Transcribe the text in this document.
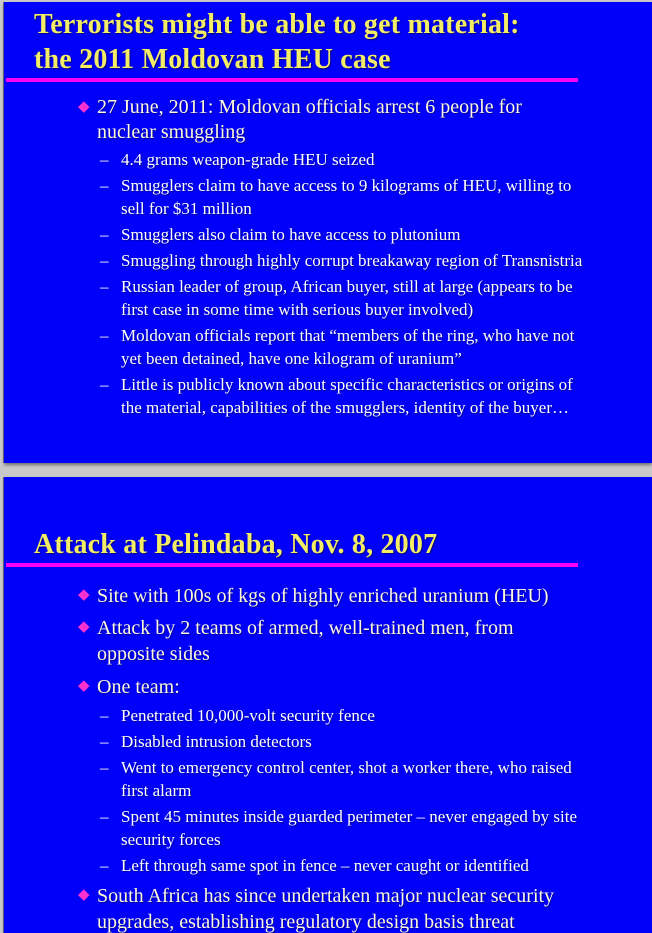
Terrorists might be able to get material:
the 2011 Moldovan HEU case
◆ 27 June, 2011: Moldovan officials arrest 6 people for
nuclear smuggling
– 4.4 grams weapon-grade HEU seized
– Smugglers claim to have access to 9 kilograms of HEU, willing to
sell for $31 million
– Smugglers also claim to have access to plutonium
– Smuggling through highly corrupt breakaway region of Transnistria
– Russian leader of group, African buyer, still at large (appears to be
first case in some time with serious buyer involved)
– Moldovan officials report that “members of the ring, who have not
yet been detained, have one kilogram of uranium”
– Little is publicly known about specific characteristics or origins of
the material, capabilities of the smugglers, identity of the buyer…
Attack at Pelindaba, Nov. 8, 2007
◆ Site with 100s of kgs of highly enriched uranium (HEU)
◆ Attack by 2 teams of armed, well-trained men, from
opposite sides
◆ One team:
– Penetrated 10,000-volt security fence
– Disabled intrusion detectors
– Went to emergency control center, shot a worker there, who raised
first alarm
– Spent 45 minutes inside guarded perimeter – never engaged by site
security forces
– Left through same spot in fence – never caught or identified
◆ South Africa has since undertaken major nuclear security
upgrades, establishing regulatory design basis threat
